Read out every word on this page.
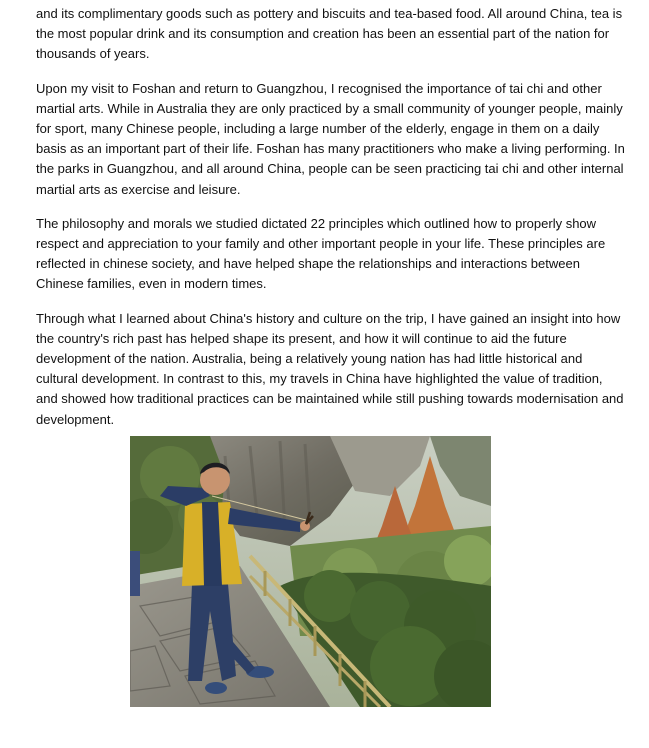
and its complimentary goods such as pottery and biscuits and tea-based food. All around China, tea is the most popular drink and its consumption and creation has been an essential part of the nation for thousands of years.

Upon my visit to Foshan and return to Guangzhou, I recognised the importance of tai chi and other martial arts. While in Australia they are only practiced by a small community of younger people, mainly for sport, many Chinese people, including a large number of the elderly, engage in them on a daily basis as an important part of their life. Foshan has many practitioners who make a living performing. In the parks in Guangzhou, and all around China, people can be seen practicing tai chi and other internal martial arts as exercise and leisure.

The philosophy and morals we studied dictated 22 principles which outlined how to properly show respect and appreciation to your family and other important people in your life. These principles are reflected in chinese society, and have helped shape the relationships and interactions between Chinese families, even in modern times.

Through what I learned about China's history and culture on the trip, I have gained an insight into how the country's rich past has helped shape its present, and how it will continue to aid the future development of the nation. Australia, being a relatively young nation has had little historical and cultural development. In contrast to this, my travels in China have highlighted the value of tradition, and showed how traditional practices can be maintained while still pushing towards modernisation and development.
